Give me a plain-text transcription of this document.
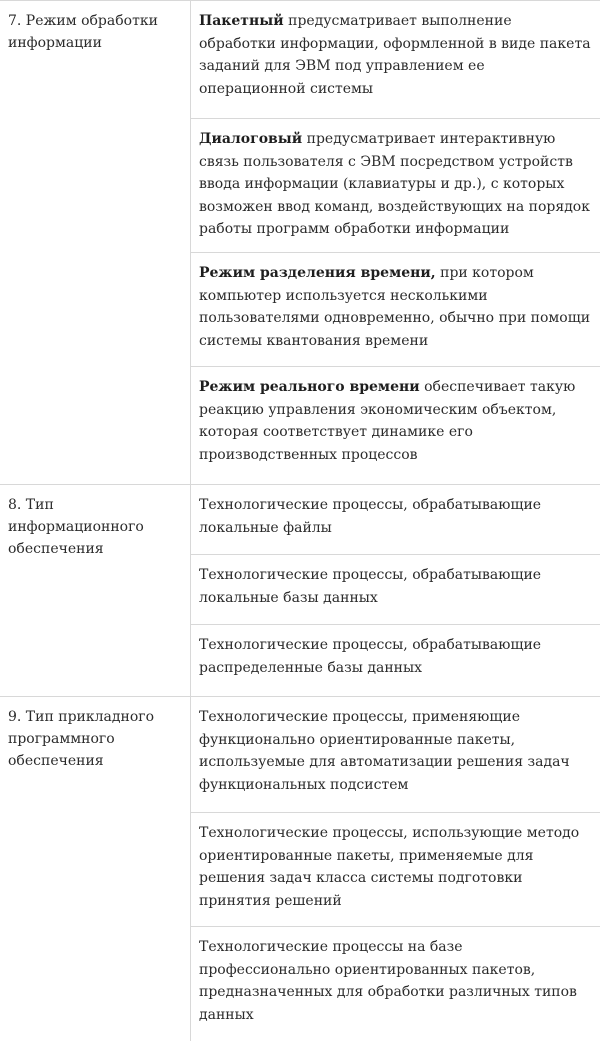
7. Режим обработки информации
Пакетный предусматривает выполнение обработки информации, оформленной в виде пакета заданий для ЭВМ под управлением ее операционной системы
Диалоговый предусматривает интерактивную связь пользователя с ЭВМ посредством устройств ввода информации (клавиатуры и др.), с которых возможен ввод команд, воздействующих на порядок работы программ обработки информации
Режим разделения времени, при котором компьютер используется несколькими пользователями одновременно, обычно при помощи системы квантования времени
Режим реального времени обеспечивает такую реакцию управления экономическим объектом, которая соответствует динамике его производственных процессов
8. Тип информационного обеспечения
Технологические процессы, обрабатывающие локальные файлы
Технологические процессы, обрабатывающие локальные базы данных
Технологические процессы, обрабатывающие распределенные базы данных
9. Тип прикладного программного обеспечения
Технологические процессы, применяющие функционально ориентированные пакеты, используемые для автоматизации решения задач функциональных подсистем
Технологические процессы, использующие методо ориентированные пакеты, применяемые для решения задач класса системы подготовки принятия решений
Технологические процессы на базе профессионально ориентированных пакетов, предназначенных для обработки различных типов данных
